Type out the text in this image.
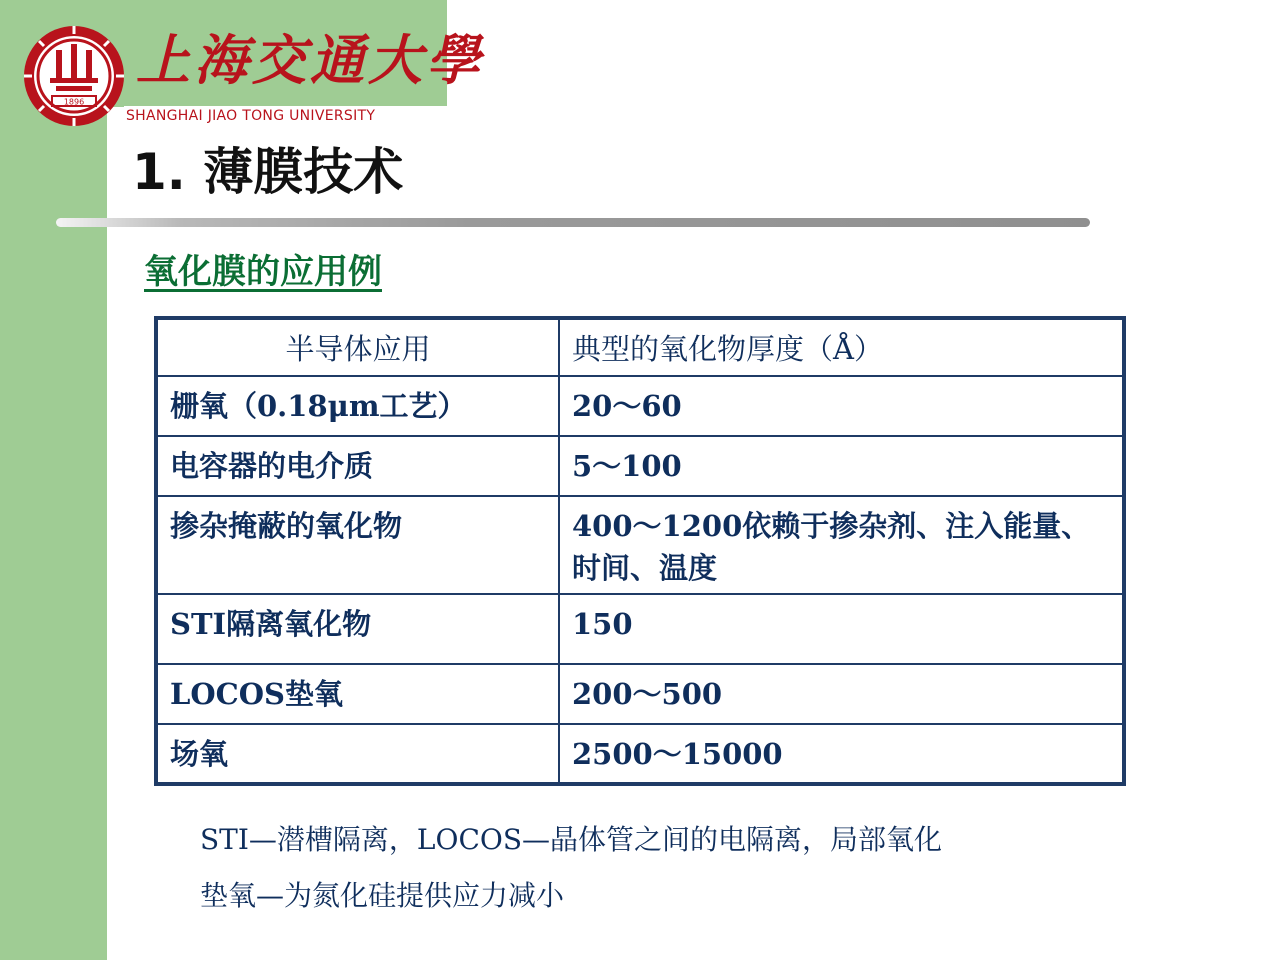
1896
上海交通大學
SHANGHAI JIAO TONG UNIVERSITY
1. 薄膜技术
氧化膜的应用例
半导体应用	典型的氧化物厚度（Å）
栅氧（0.18μm工艺）	20～60
电容器的电介质	5～100
掺杂掩蔽的氧化物	400～1200依赖于掺杂剂、注入能量、时间、温度
STI隔离氧化物	150
LOCOS垫氧	200～500
场氧	2500～15000
STI—潜槽隔离，LOCOS—晶体管之间的电隔离，局部氧化
垫氧—为氮化硅提供应力减小
